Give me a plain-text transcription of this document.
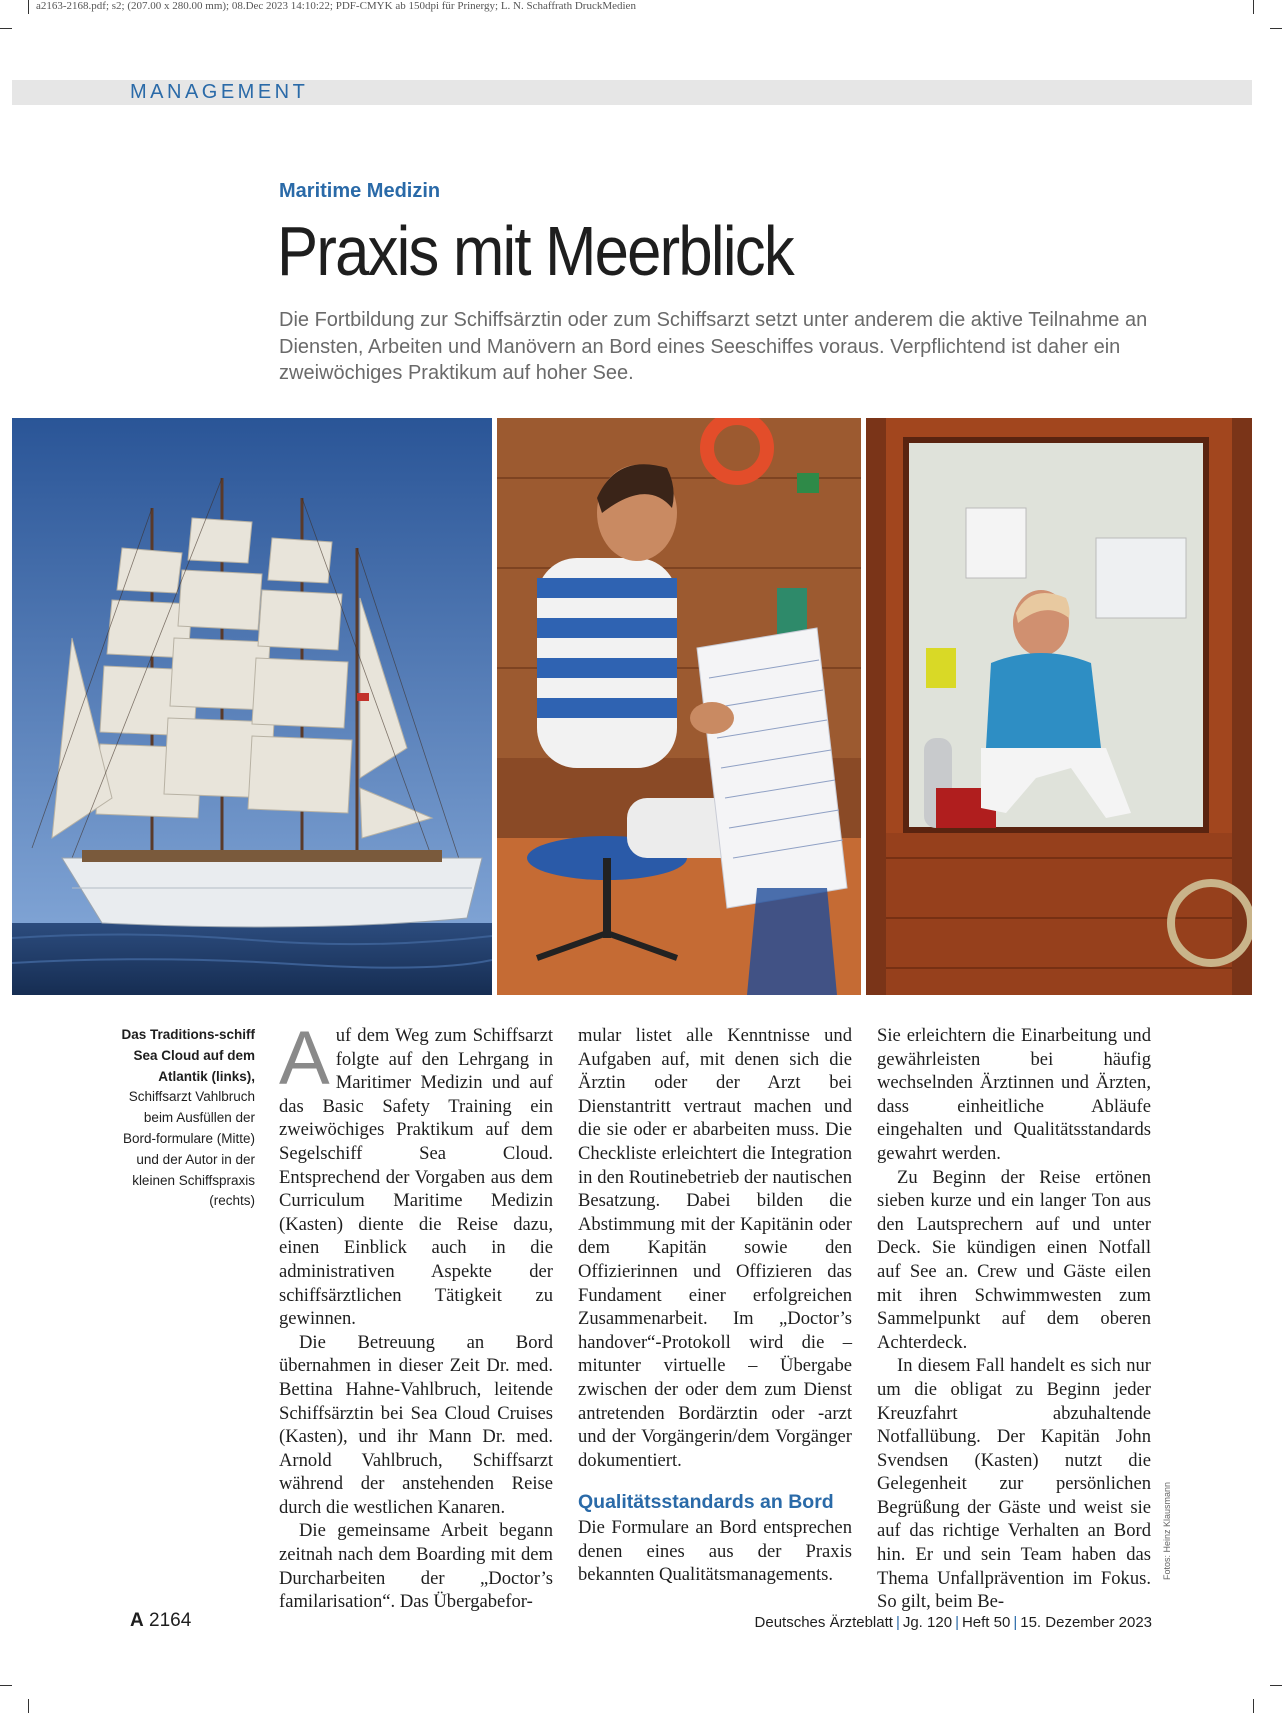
a2163-2168.pdf; s2; (207.00 x 280.00 mm); 08.Dec 2023 14:10:22; PDF-CMYK ab 150dpi für Prinergy; L. N. Schaffrath DruckMedien
MANAGEMENT
Maritime Medizin
Praxis mit Meerblick
Die Fortbildung zur Schiffsärztin oder zum Schiffsarzt setzt unter anderem die aktive Teilnahme an Diensten, Arbeiten und Manövern an Bord eines Seeschiffes voraus. Verpflichtend ist daher ein zweiwöchiges Praktikum auf hoher See.
Das Traditions-schiff Sea Cloud auf dem Atlantik (links), Schiffsarzt Vahlbruch beim Ausfüllen der Bord-formulare (Mitte) und der Autor in der kleinen Schiffspraxis (rechts)

Auf dem Weg zum Schiffsarzt folgte auf den Lehrgang in Maritimer Medizin und auf das Basic Safety Training ein zweiwöchiges Praktikum auf dem Segelschiff Sea Cloud. Entsprechend der Vorgaben aus dem Curriculum Maritime Medizin (Kasten) diente die Reise dazu, einen Einblick auch in die administrativen Aspekte der schiffsärztlichen Tätigkeit zu gewinnen.

Die Betreuung an Bord übernahmen in dieser Zeit Dr. med. Bettina Hahne-Vahlbruch, leitende Schiffsärztin bei Sea Cloud Cruises (Kasten), und ihr Mann Dr. med. Arnold Vahlbruch, Schiffsarzt während der anstehenden Reise durch die westlichen Kanaren.

Die gemeinsame Arbeit begann zeitnah nach dem Boarding mit dem Durcharbeiten der „Doctor’s familarisation“. Das Übergabefor-

mular listet alle Kenntnisse und Aufgaben auf, mit denen sich die Ärztin oder der Arzt bei Dienstantritt vertraut machen und die sie oder er abarbeiten muss. Die Checkliste erleichtert die Integration in den Routinebetrieb der nautischen Besatzung. Dabei bilden die Abstimmung mit der Kapitänin oder dem Kapitän sowie den Offizierinnen und Offizieren das Fundament einer erfolgreichen Zusammenarbeit. Im „Doctor’s handover“-Protokoll wird die – mitunter virtuelle – Übergabe zwischen der oder dem zum Dienst antretenden Bordärztin oder -arzt und der Vorgängerin/dem Vorgänger dokumentiert.

Qualitätsstandards an Bord

Die Formulare an Bord entsprechen denen eines aus der Praxis bekannten Qualitätsmanagements.

Sie erleichtern die Einarbeitung und gewährleisten bei häufig wechselnden Ärztinnen und Ärzten, dass einheitliche Abläufe eingehalten und Qualitätsstandards gewahrt werden.

Zu Beginn der Reise ertönen sieben kurze und ein langer Ton aus den Lautsprechern auf und unter Deck. Sie kündigen einen Notfall auf See an. Crew und Gäste eilen mit ihren Schwimmwesten zum Sammelpunkt auf dem oberen Achterdeck.

In diesem Fall handelt es sich nur um die obligat zu Beginn jeder Kreuzfahrt abzuhaltende Notfallübung. Der Kapitän John Svendsen (Kasten) nutzt die Gelegenheit zur persönlichen Begrüßung der Gäste und weist sie auf das richtige Verhalten an Bord hin. Er und sein Team haben das Thema Unfallprävention im Fokus. So gilt, beim Be-

Fotos: Heinz Klausmann
A 2164	Deutsches Ärzteblatt | Jg. 120 | Heft 50 | 15. Dezember 2023
